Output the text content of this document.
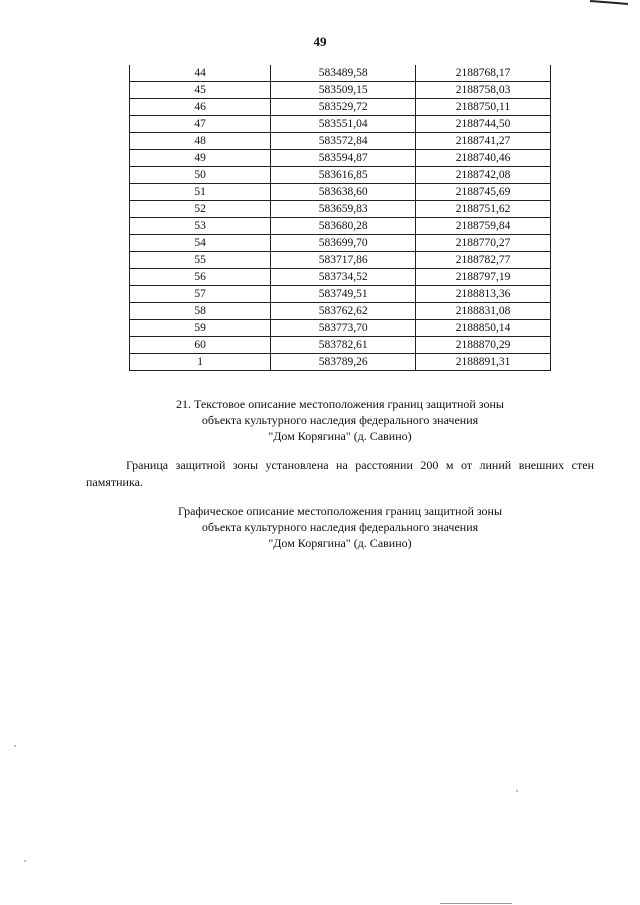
49
44	583489,58	2188768,17
45	583509,15	2188758,03
46	583529,72	2188750,11
47	583551,04	2188744,50
48	583572,84	2188741,27
49	583594,87	2188740,46
50	583616,85	2188742,08
51	583638,60	2188745,69
52	583659,83	2188751,62
53	583680,28	2188759,84
54	583699,70	2188770,27
55	583717,86	2188782,77
56	583734,52	2188797,19
57	583749,51	2188813,36
58	583762,62	2188831,08
59	583773,70	2188850,14
60	583782,61	2188870,29
1	583789,26	2188891,31
21. Текстовое описание местоположения границ защитной зоны
объекта культурного наследия федерального значения
"Дом Корягина" (д. Савино)
Граница защитной зоны установлена на расстоянии 200 м от линий внешних стен памятника.
Графическое описание местоположения границ защитной зоны
объекта культурного наследия федерального значения
"Дом Корягина" (д. Савино)
